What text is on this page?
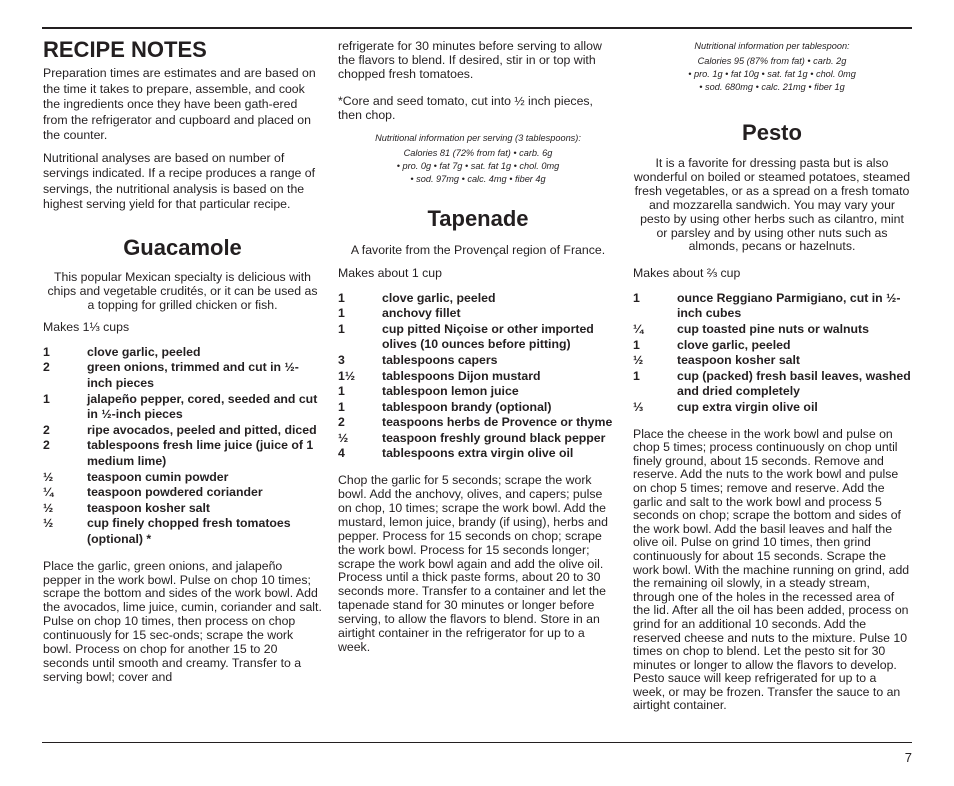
RECIPE NOTES

Preparation times are estimates and are based on the time it takes to prepare, assemble, and cook the ingredients once they have been gath-ered from the refrigerator and cupboard and placed on the counter.

Nutritional analyses are based on number of servings indicated. If a recipe produces a range of servings, the nutritional analysis is based on the highest serving yield for that particular recipe.

Guacamole

This popular Mexican specialty is delicious with chips and vegetable crudités, or it can be used as a topping for grilled chicken or fish.

Makes 1⅓ cups

1	clove garlic, peeled
2	green onions, trimmed and cut in ½-inch pieces
1	jalapeño pepper, cored, seeded and cut in ½-inch pieces
2	ripe avocados, peeled and pitted, diced
2	tablespoons fresh lime juice (juice of 1 medium lime)
½	teaspoon cumin powder
¼	teaspoon powdered coriander
½	teaspoon kosher salt
½	cup finely chopped fresh tomatoes (optional) *

Place the garlic, green onions, and jalapeño pepper in the work bowl. Pulse on chop 10 times; scrape the bottom and sides of the work bowl. Add the avocados, lime juice, cumin, coriander and salt. Pulse on chop 10 times, then process on chop continuously for 15 sec-onds; scrape the work bowl. Process on chop for another 15 to 20 seconds until smooth and creamy. Transfer to a serving bowl; cover and

refrigerate for 30 minutes before serving to allow the flavors to blend. If desired, stir in or top with chopped fresh tomatoes.

*Core and seed tomato, cut into ½ inch pieces, then chop.

Nutritional information per serving (3 tablespoons):

Calories 81 (72% from fat) • carb. 6g

• pro. 0g • fat 7g • sat. fat 1g • chol. 0mg

• sod. 97mg • calc. 4mg • fiber 4g

Tapenade

A favorite from the Provençal region of France.

Makes about 1 cup

1	clove garlic, peeled
1	anchovy fillet
1	cup pitted Niçoise or other imported olives (10 ounces before pitting)
3	tablespoons capers
1½	tablespoons Dijon mustard
1	tablespoon lemon juice
1	tablespoon brandy (optional)
2	teaspoons herbs de Provence or thyme
½	teaspoon freshly ground black pepper
4	tablespoons extra virgin olive oil

Chop the garlic for 5 seconds; scrape the work bowl. Add the anchovy, olives, and capers; pulse on chop, 10 times; scrape the work bowl. Add the mustard, lemon juice, brandy (if using), herbs and pepper. Process for 15 seconds on chop; scrape the work bowl. Process for 15 seconds longer; scrape the work bowl again and add the olive oil. Process until a thick paste forms, about 20 to 30 seconds more. Transfer to a container and let the tapenade stand for 30 minutes or longer before serving, to allow the flavors to blend. Store in an airtight container in the refrigerator for up to a week.

Nutritional information per tablespoon:

Calories 95 (87% from fat) • carb. 2g

• pro. 1g • fat 10g • sat. fat 1g • chol. 0mg

• sod. 680mg • calc. 21mg • fiber 1g

Pesto

It is a favorite for dressing pasta but is also wonderful on boiled or steamed potatoes, steamed fresh vegetables, or as a spread on a fresh tomato and mozzarella sandwich. You may vary your pesto by using other herbs such as cilantro, mint or parsley and by using other nuts such as almonds, pecans or hazelnuts.

Makes about ⅔ cup

1	ounce Reggiano Parmigiano, cut in ½-inch cubes
¼	cup toasted pine nuts or walnuts
1	clove garlic, peeled
½	teaspoon kosher salt
1	cup (packed) fresh basil leaves, washed and dried completely
⅓	cup extra virgin olive oil

Place the cheese in the work bowl and pulse on chop 5 times; process continuously on chop until finely ground, about 15 seconds. Remove and reserve. Add the nuts to the work bowl and pulse on chop 5 times; remove and reserve. Add the garlic and salt to the work bowl and process 5 seconds on chop; scrape the bottom and sides of the work bowl. Add the basil leaves and half the olive oil. Pulse on grind 10 times, then grind continuously for about 15 seconds. Scrape the work bowl. With the machine running on grind, add the remaining oil slowly, in a steady stream, through one of the holes in the recessed area of the lid. After all the oil has been added, process on grind for an additional 10 seconds. Add the reserved cheese and nuts to the mixture. Pulse 10 times on chop to blend. Let the pesto sit for 30 minutes or longer to allow the flavors to develop. Pesto sauce will keep refrigerated for up to a week, or may be frozen. Transfer the sauce to an airtight container.

7
